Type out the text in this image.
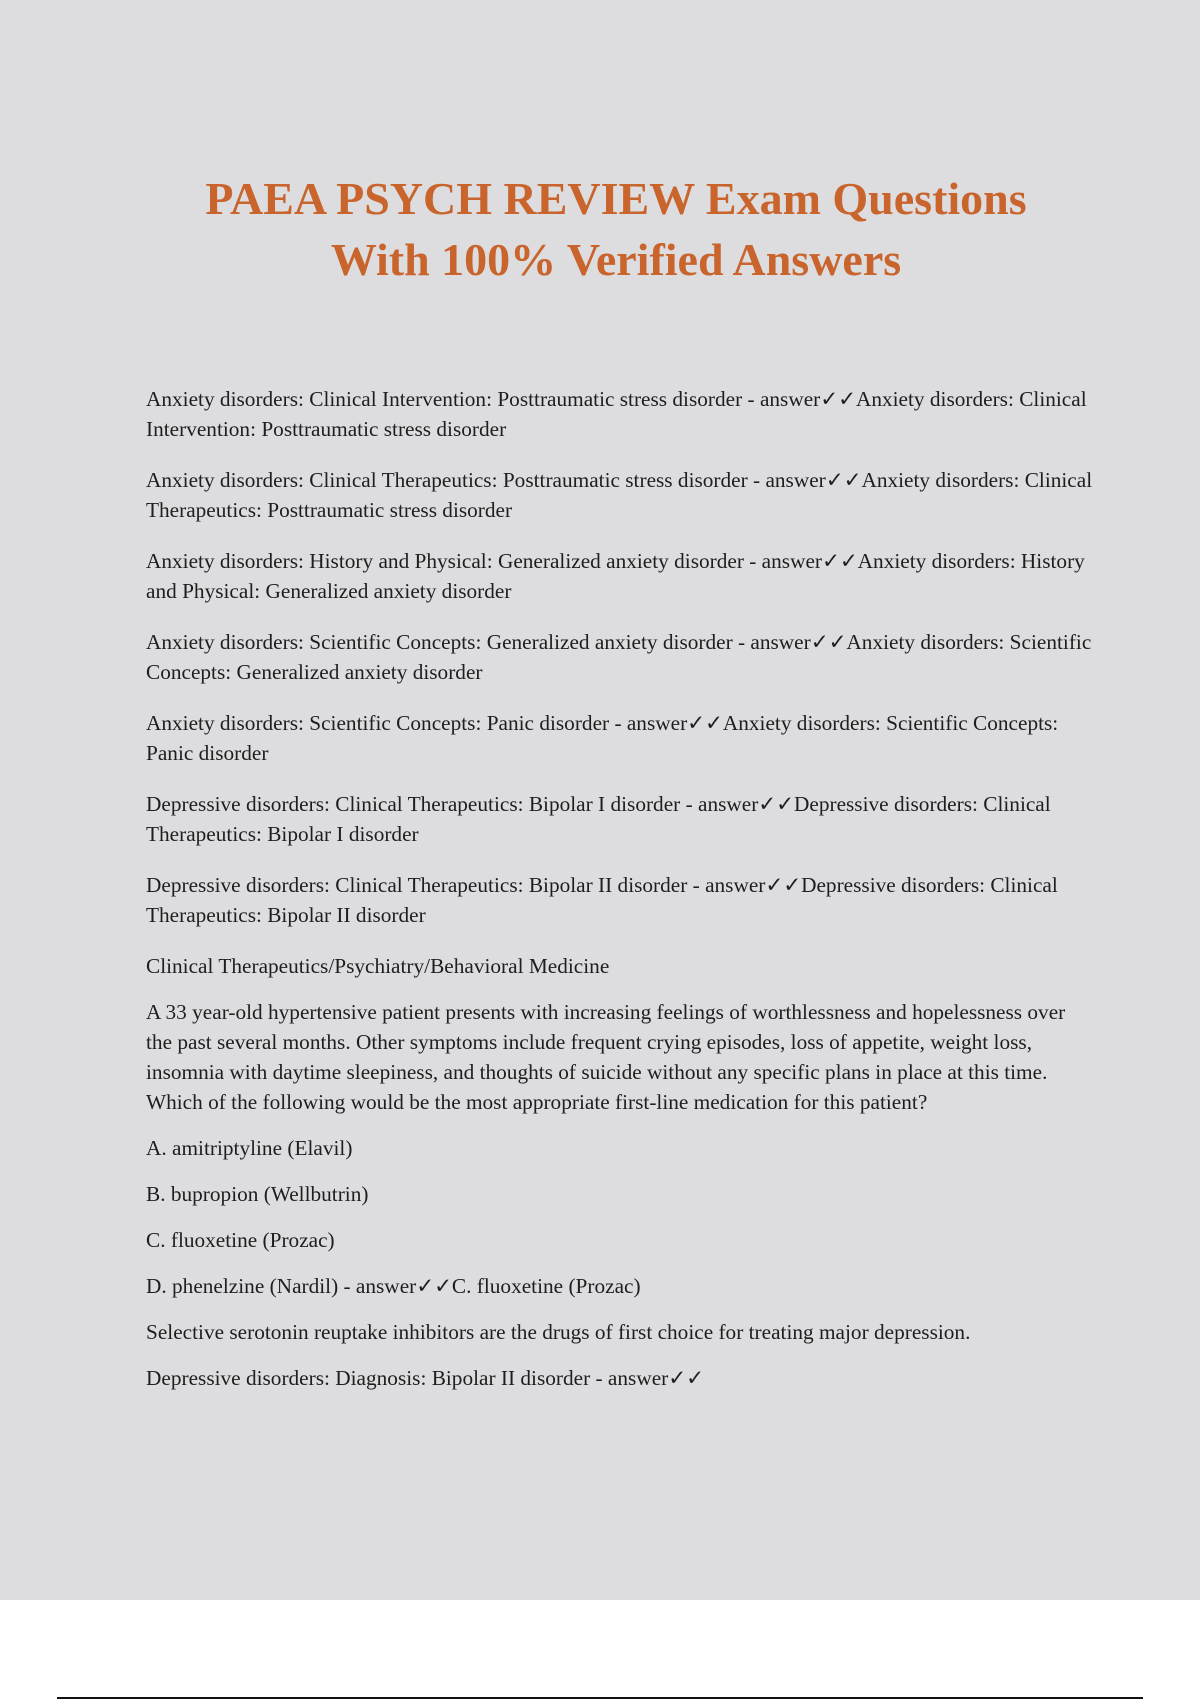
PAEA PSYCH REVIEW Exam Questions
With 100% Verified Answers

Anxiety disorders: Clinical Intervention: Posttraumatic stress disorder - answer✓✓Anxiety disorders: Clinical Intervention: Posttraumatic stress disorder

Anxiety disorders: Clinical Therapeutics: Posttraumatic stress disorder - answer✓✓Anxiety disorders: Clinical Therapeutics: Posttraumatic stress disorder

Anxiety disorders: History and Physical: Generalized anxiety disorder - answer✓✓Anxiety disorders: History and Physical: Generalized anxiety disorder

Anxiety disorders: Scientific Concepts: Generalized anxiety disorder - answer✓✓Anxiety disorders: Scientific Concepts: Generalized anxiety disorder

Anxiety disorders: Scientific Concepts: Panic disorder - answer✓✓Anxiety disorders: Scientific Concepts: Panic disorder

Depressive disorders: Clinical Therapeutics: Bipolar I disorder - answer✓✓Depressive disorders: Clinical Therapeutics: Bipolar I disorder

Depressive disorders: Clinical Therapeutics: Bipolar II disorder - answer✓✓Depressive disorders: Clinical Therapeutics: Bipolar II disorder

Clinical Therapeutics/Psychiatry/Behavioral Medicine

A 33 year-old hypertensive patient presents with increasing feelings of worthlessness and hopelessness over the past several months. Other symptoms include frequent crying episodes, loss of appetite, weight loss, insomnia with daytime sleepiness, and thoughts of suicide without any specific plans in place at this time. Which of the following would be the most appropriate first-line medication for this patient?

A. amitriptyline (Elavil)

B. bupropion (Wellbutrin)

C. fluoxetine (Prozac)

D. phenelzine (Nardil) - answer✓✓C. fluoxetine (Prozac)

Selective serotonin reuptake inhibitors are the drugs of first choice for treating major depression.

Depressive disorders: Diagnosis: Bipolar II disorder - answer✓✓
